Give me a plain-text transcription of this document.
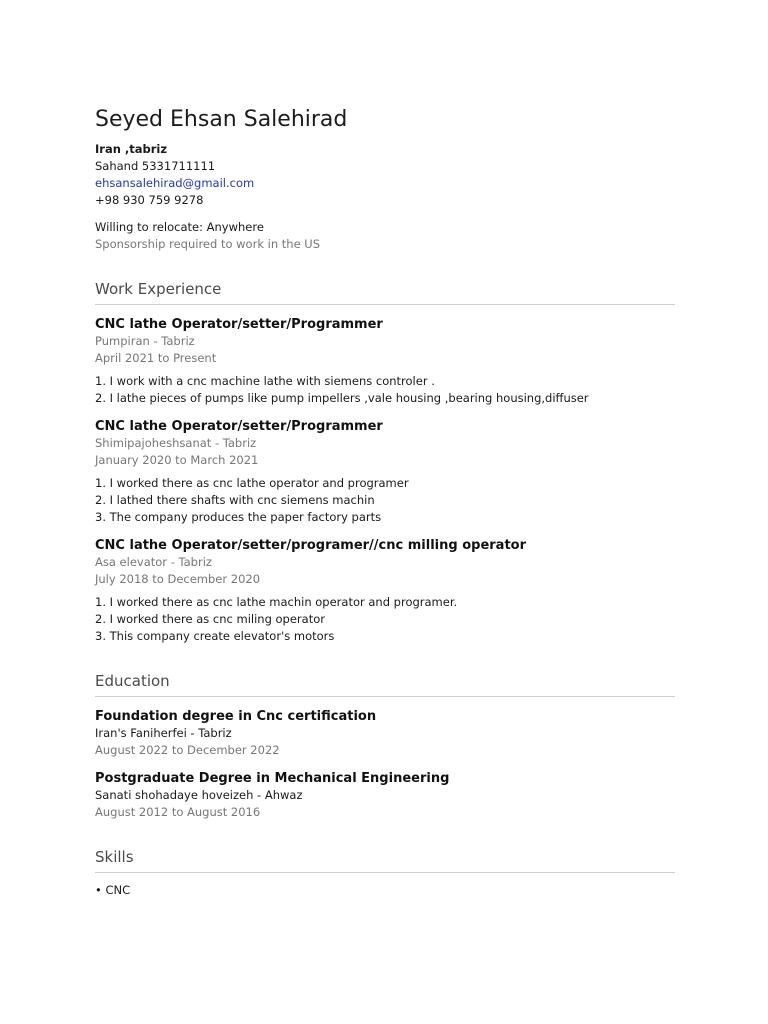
Seyed Ehsan Salehirad

Iran ,tabriz

Sahand 5331711111

ehsansalehirad@gmail.com

+98 930 759 9278

Willing to relocate: Anywhere

Sponsorship required to work in the US

Work Experience

CNC lathe Operator/setter/Programmer

Pumpiran - Tabriz

April 2021 to Present

1. I work with a cnc machine lathe with siemens controler .

2. I lathe pieces of pumps like pump impellers ,vale housing ,bearing housing,diffuser

CNC lathe Operator/setter/Programmer

Shimipajoheshsanat - Tabriz

January 2020 to March 2021

1. I worked there as cnc lathe operator and programer

2. I lathed there shafts with cnc siemens machin

3. The company produces the paper factory parts

CNC lathe Operator/setter/programer//cnc milling operator

Asa elevator - Tabriz

July 2018 to December 2020

1. I worked there as cnc lathe machin operator and programer.

2. I worked there as cnc miling operator

3. This company create elevator's motors

Education

Foundation degree in Cnc certification

Iran's Faniherfei - Tabriz

August 2022 to December 2022

Postgraduate Degree in Mechanical Engineering

Sanati shohadaye hoveizeh - Ahwaz

August 2012 to August 2016

Skills

• CNC
